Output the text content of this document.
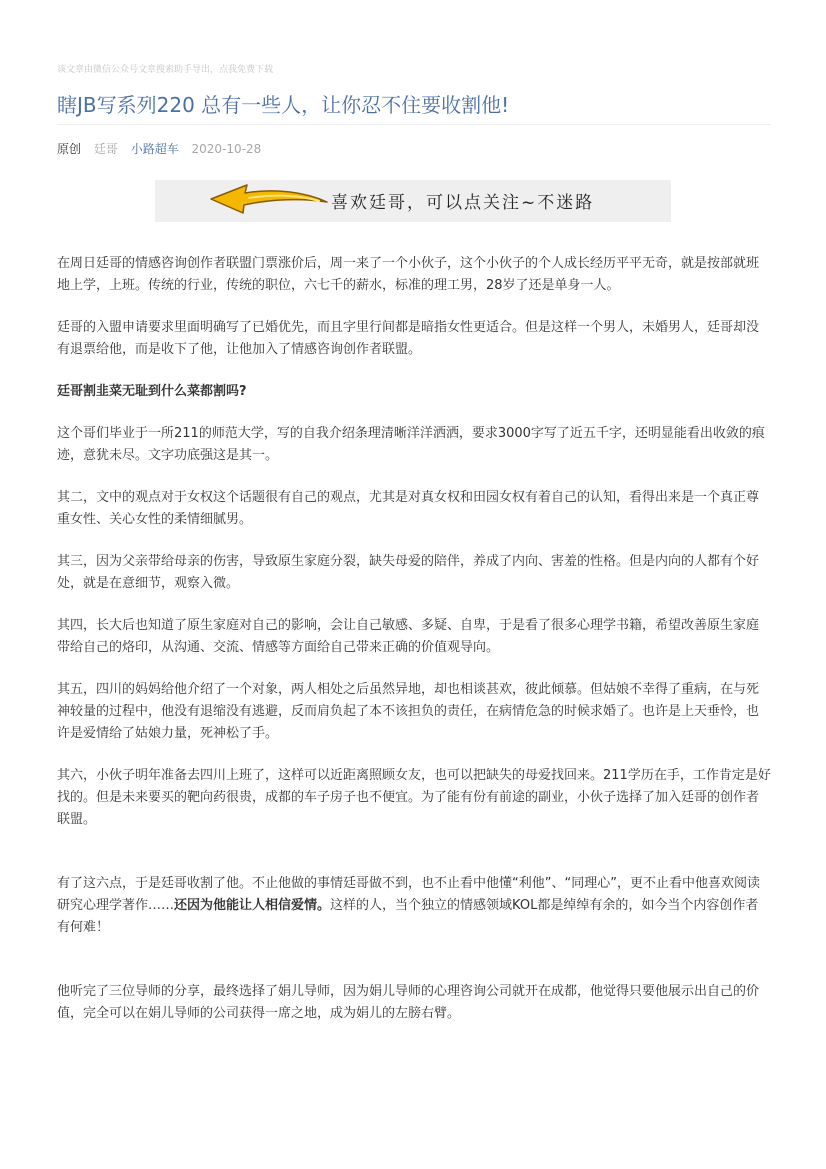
该文章由微信公众号文章搜索助手导出，点我免费下载
瞎JB写系列220 总有一些人，让你忍不住要收割他!
原创 廷哥 小路超车 2020-10-28
喜欢廷哥，可以点关注~不迷路

在周日廷哥的情感咨询创作者联盟门票涨价后，周一来了一个小伙子，这个小伙子的个人成长经历平平无奇，就是按部就班地上学，上班。传统的行业，传统的职位，六七千的薪水，标准的理工男，28岁了还是单身一人。

廷哥的入盟申请要求里面明确写了已婚优先，而且字里行间都是暗指女性更适合。但是这样一个男人，未婚男人，廷哥却没有退票给他，而是收下了他，让他加入了情感咨询创作者联盟。

廷哥割韭菜无耻到什么菜都割吗?

这个哥们毕业于一所211的师范大学，写的自我介绍条理清晰洋洋洒洒，要求3000字写了近五千字，还明显能看出收敛的痕迹，意犹未尽。文字功底强这是其一。

其二，文中的观点对于女权这个话题很有自己的观点，尤其是对真女权和田园女权有着自己的认知，看得出来是一个真正尊重女性、关心女性的柔情细腻男。

其三，因为父亲带给母亲的伤害，导致原生家庭分裂，缺失母爱的陪伴，养成了内向、害羞的性格。但是内向的人都有个好处，就是在意细节，观察入微。

其四，长大后也知道了原生家庭对自己的影响，会让自己敏感、多疑、自卑，于是看了很多心理学书籍，希望改善原生家庭带给自己的烙印，从沟通、交流、情感等方面给自己带来正确的价值观导向。

其五，四川的妈妈给他介绍了一个对象，两人相处之后虽然异地，却也相谈甚欢，彼此倾慕。但姑娘不幸得了重病，在与死神较量的过程中，他没有退缩没有逃避，反而肩负起了本不该担负的责任，在病情危急的时候求婚了。也许是上天垂怜，也许是爱情给了姑娘力量，死神松了手。

其六，小伙子明年准备去四川上班了，这样可以近距离照顾女友，也可以把缺失的母爱找回来。211学历在手，工作肯定是好找的。但是未来要买的靶向药很贵，成都的车子房子也不便宜。为了能有份有前途的副业，小伙子选择了加入廷哥的创作者联盟。

有了这六点，于是廷哥收割了他。不止他做的事情廷哥做不到，也不止看中他懂“利他”、“同理心”，更不止看中他喜欢阅读研究心理学著作……还因为他能让人相信爱情。这样的人，当个独立的情感领域KOL都是绰绰有余的，如今当个内容创作者有何难！

他听完了三位导师的分享，最终选择了娟儿导师，因为娟儿导师的心理咨询公司就开在成都，他觉得只要他展示出自己的价值，完全可以在娟儿导师的公司获得一席之地，成为娟儿的左膀右臂。
